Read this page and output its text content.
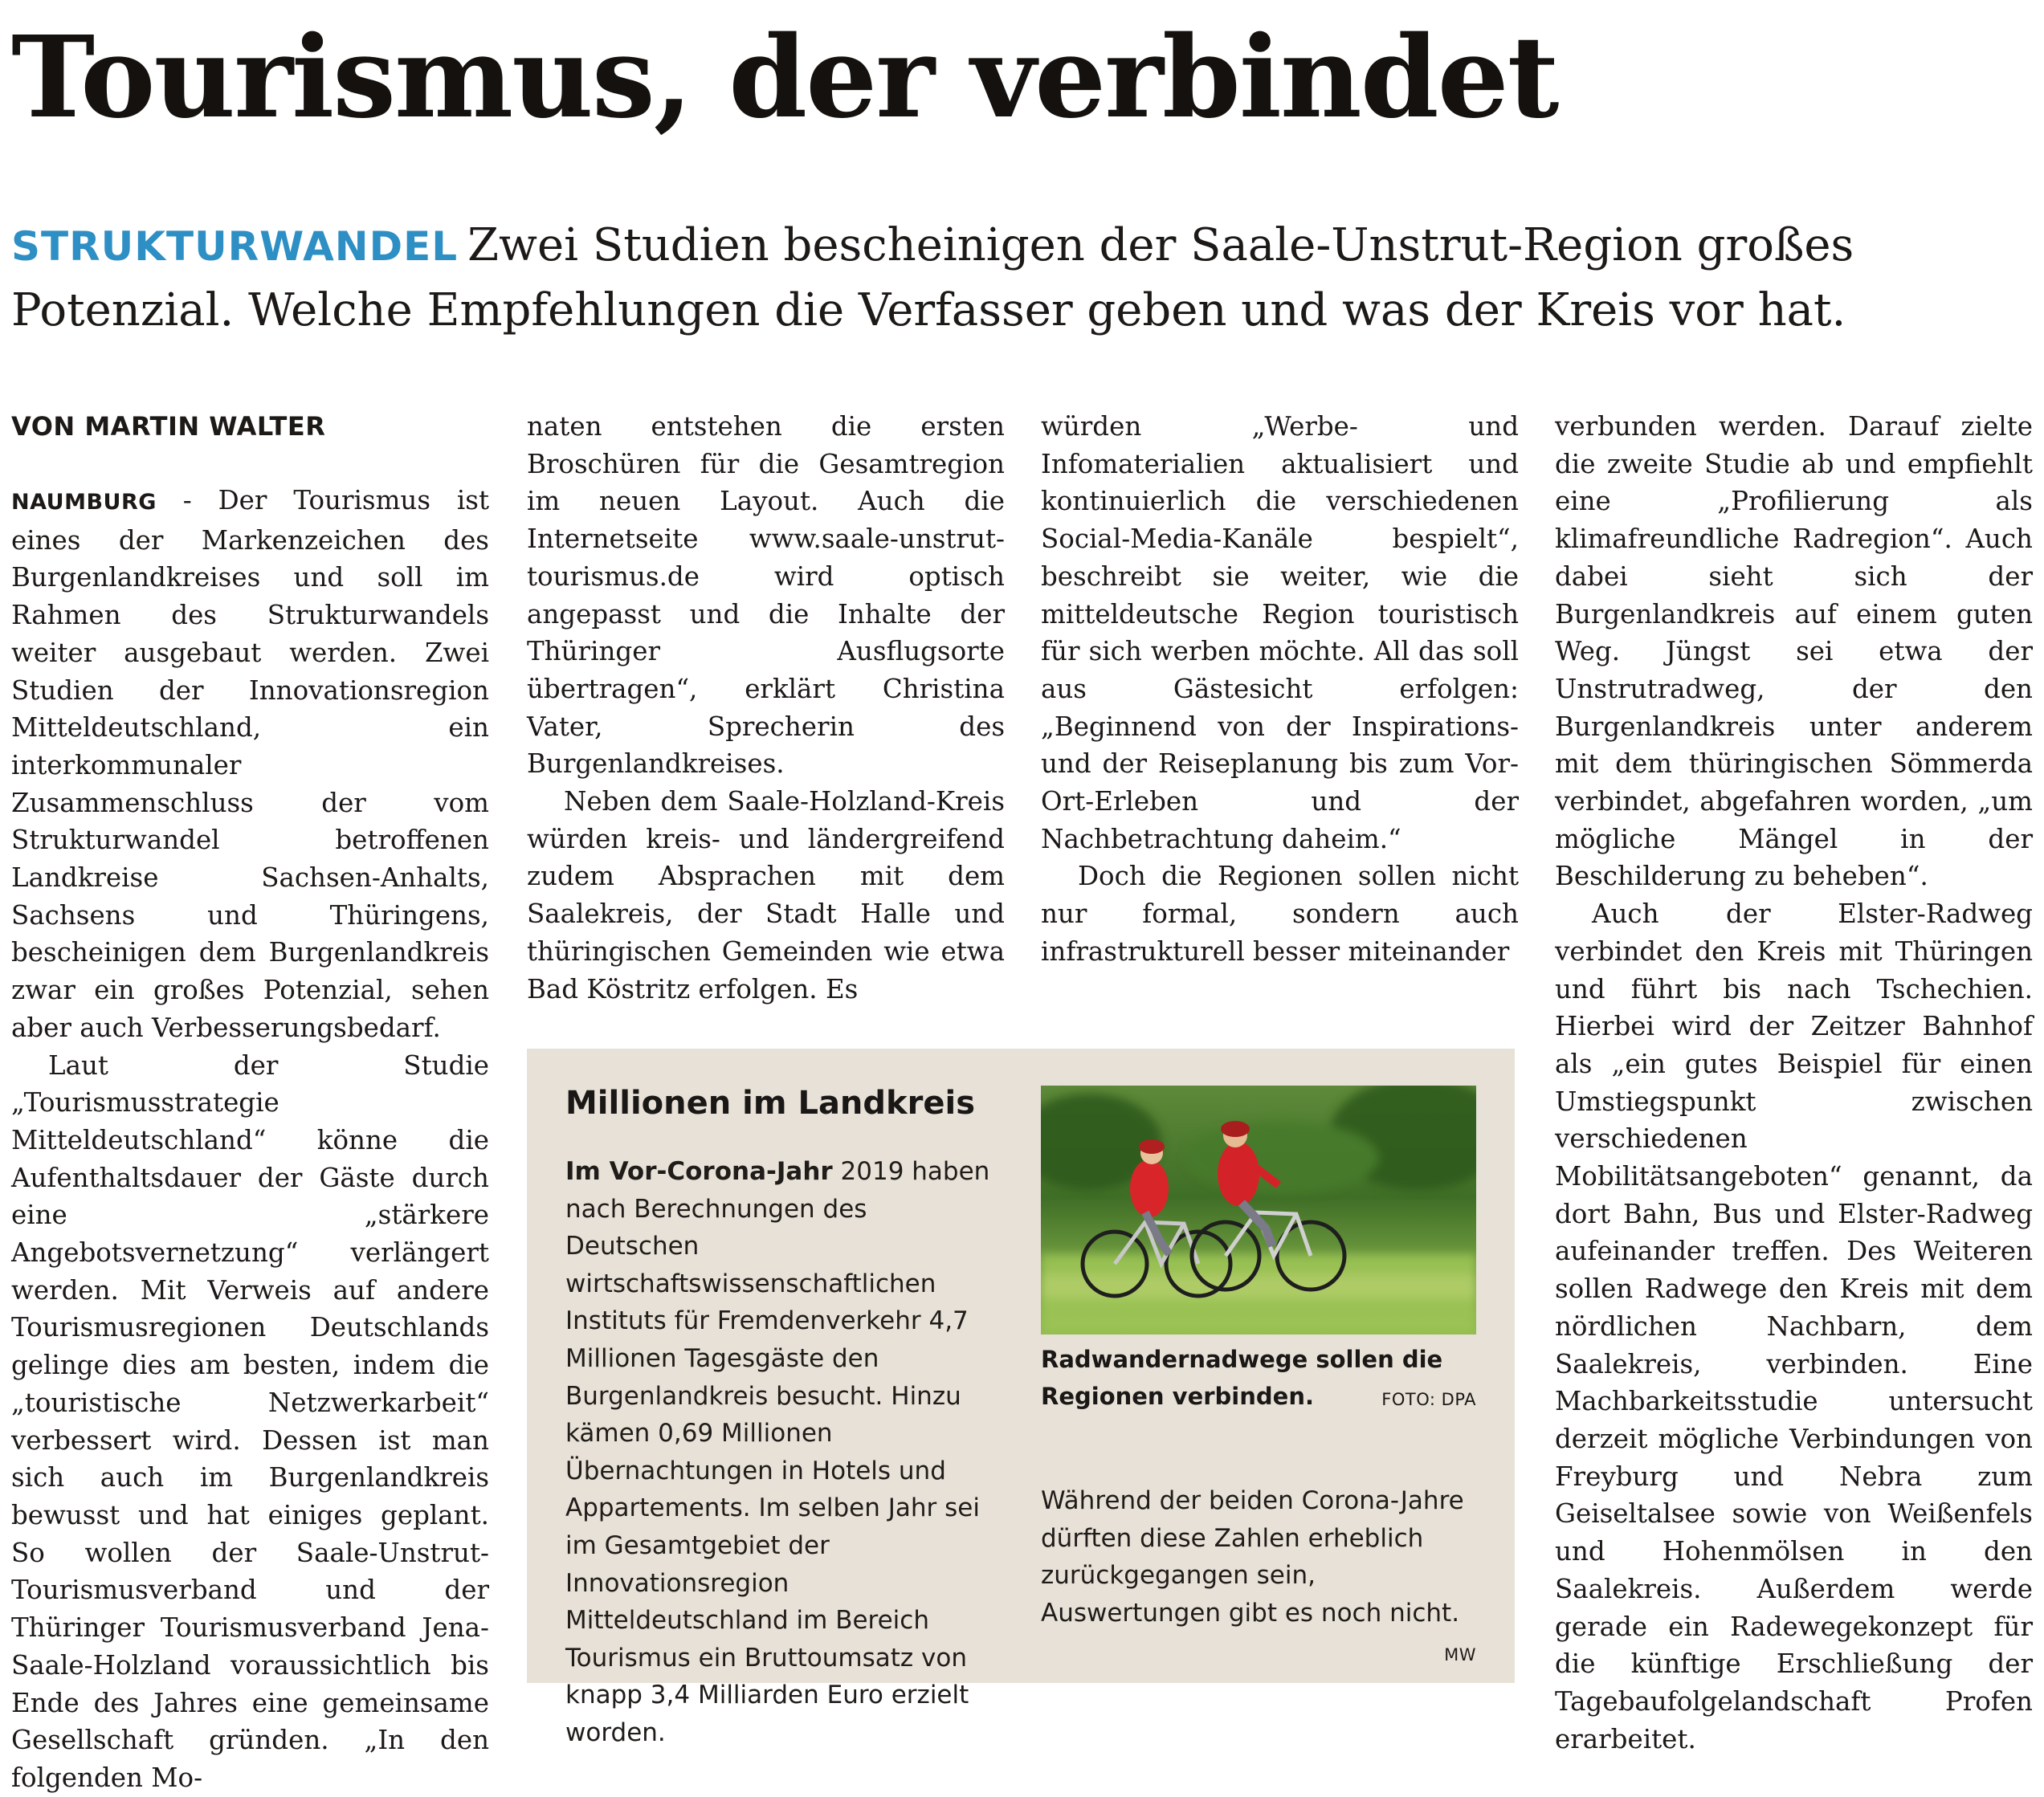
Tourismus, der verbindet

STRUKTURWANDEL Zwei Studien bescheinigen der Saale-Unstrut-Region großes Potenzial. Welche Empfehlungen die Verfasser geben und was der Kreis vor hat.

VON MARTIN WALTER

NAUMBURG - Der Tourismus ist eines der Markenzeichen des Burgenlandkreises und soll im Rahmen des Strukturwandels weiter ausgebaut werden. Zwei Studien der Innovationsregion Mitteldeutschland, ein interkommunaler Zusammenschluss der vom Strukturwandel betroffenen Landkreise Sachsen-Anhalts, Sachsens und Thüringens, bescheinigen dem Burgenlandkreis zwar ein großes Potenzial, sehen aber auch Verbesserungsbedarf.

Laut der Studie „Tourismusstrategie Mitteldeutschland“ könne die Aufenthaltsdauer der Gäste durch eine „stärkere Angebotsvernetzung“ verlängert werden. Mit Verweis auf andere Tourismusregionen Deutschlands gelinge dies am besten, indem die „touristische Netzwerkarbeit“ verbessert wird. Dessen ist man sich auch im Burgenlandkreis bewusst und hat einiges geplant. So wollen der Saale-Unstrut-Tourismusverband und der Thüringer Tourismusverband Jena-Saale-Holzland voraussichtlich bis Ende des Jahres eine gemeinsame Gesellschaft gründen. „In den folgenden Mo-

naten entstehen die ersten Broschüren für die Gesamtregion im neuen Layout. Auch die Internetseite www.saale-unstrut-tourismus.de wird optisch angepasst und die Inhalte der Thüringer Ausflugsorte übertragen“, erklärt Christina Vater, Sprecherin des Burgenlandkreises.

Neben dem Saale-Holzland-Kreis würden kreis- und ländergreifend zudem Absprachen mit dem Saalekreis, der Stadt Halle und thüringischen Gemeinden wie etwa Bad Köstritz erfolgen. Es

würden „Werbe- und Infomaterialien aktualisiert und kontinuierlich die verschiedenen Social-Media-Kanäle bespielt“, beschreibt sie weiter, wie die mitteldeutsche Region touristisch für sich werben möchte. All das soll aus Gästesicht erfolgen: „Beginnend von der Inspirations- und der Reiseplanung bis zum Vor-Ort-Erleben und der Nachbetrachtung daheim.“

Doch die Regionen sollen nicht nur formal, sondern auch infrastrukturell besser miteinander

verbunden werden. Darauf zielte die zweite Studie ab und empfiehlt eine „Profilierung als klimafreundliche Radregion“. Auch dabei sieht sich der Burgenlandkreis auf einem guten Weg. Jüngst sei etwa der Unstrutradweg, der den Burgenlandkreis unter anderem mit dem thüringischen Sömmerda verbindet, abgefahren worden, „um mögliche Mängel in der Beschilderung zu beheben“.

Auch der Elster-Radweg verbindet den Kreis mit Thüringen und führt bis nach Tschechien. Hierbei wird der Zeitzer Bahnhof als „ein gutes Beispiel für einen Umstiegspunkt zwischen verschiedenen Mobilitätsangeboten“ genannt, da dort Bahn, Bus und Elster-Radweg aufeinander treffen. Des Weiteren sollen Radwege den Kreis mit dem nördlichen Nachbarn, dem Saalekreis, verbinden. Eine Machbarkeitsstudie untersucht derzeit mögliche Verbindungen von Freyburg und Nebra zum Geiseltalsee sowie von Weißenfels und Hohenmölsen in den Saalekreis. Außerdem werde gerade ein Radewegekonzept für die künftige Erschließung der Tagebaufolgelandschaft Profen erarbeitet.

Millionen im Landkreis

Im Vor-Corona-Jahr 2019 haben nach Berechnungen des Deutschen wirtschaftswissenschaftlichen Instituts für Fremdenverkehr 4,7 Millionen Tagesgäste den Burgenlandkreis besucht. Hinzu kämen 0,69 Millionen Übernachtungen in Hotels und Appartements. Im selben Jahr sei im Gesamtgebiet der Innovationsregion Mitteldeutschland im Bereich Tourismus ein Bruttoumsatz von knapp 3,4 Milliarden Euro erzielt worden.

Radwandernadwege sollen die Regionen verbinden.	FOTO: DPA

Während der beiden Corona-Jahre dürften diese Zahlen erheblich zurückgegangen sein, Auswertungen gibt es noch nicht.
MW
